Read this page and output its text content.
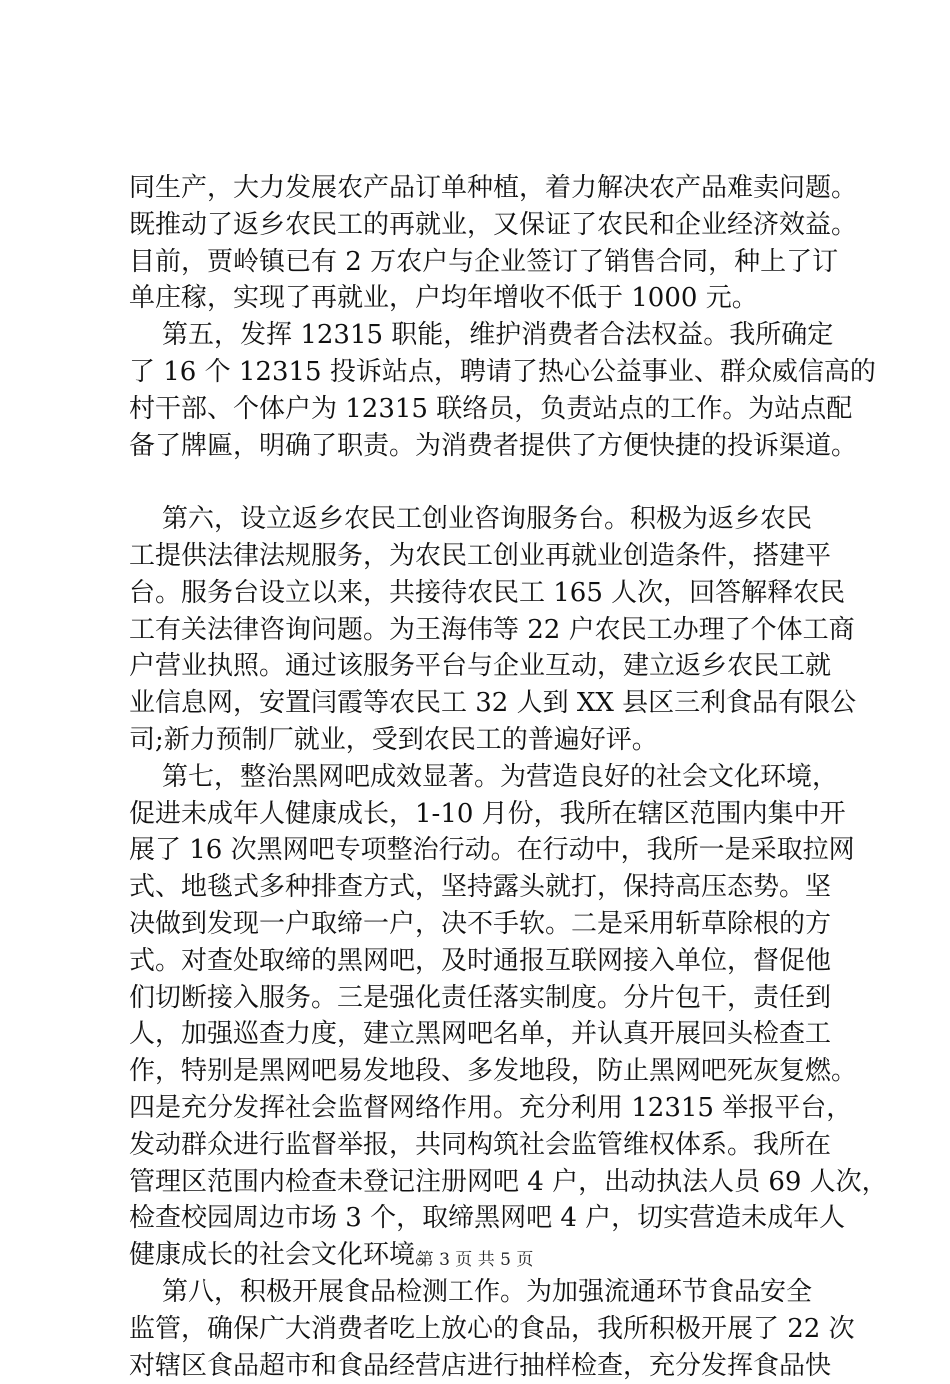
同生产，大力发展农产品订单种植，着力解决农产品难卖问题。
既推动了返乡农民工的再就业，又保证了农民和企业经济效益。
目前，贾岭镇已有 2 万农户与企业签订了销售合同，种上了订
单庄稼，实现了再就业，户均年增收不低于 1000 元。

第五，发挥 12315 职能，维护消费者合法权益。我所确定
了 16 个 12315 投诉站点，聘请了热心公益事业、群众威信高的
村干部、个体户为 12315 联络员，负责站点的工作。为站点配
备了牌匾，明确了职责。为消费者提供了方便快捷的投诉渠道。

第六，设立返乡农民工创业咨询服务台。积极为返乡农民
工提供法律法规服务，为农民工创业再就业创造条件，搭建平
台。服务台设立以来，共接待农民工 165 人次，回答解释农民
工有关法律咨询问题。为王海伟等 22 户农民工办理了个体工商
户营业执照。通过该服务平台与企业互动，建立返乡农民工就
业信息网，安置闫霞等农民工 32 人到 XX 县区三利食品有限公
司;新力预制厂就业，受到农民工的普遍好评。

第七，整治黑网吧成效显著。为营造良好的社会文化环境，
促进未成年人健康成长，1-10 月份，我所在辖区范围内集中开
展了 16 次黑网吧专项整治行动。在行动中，我所一是采取拉网
式、地毯式多种排查方式，坚持露头就打，保持高压态势。坚
决做到发现一户取缔一户，决不手软。二是采用斩草除根的方
式。对查处取缔的黑网吧，及时通报互联网接入单位，督促他
们切断接入服务。三是强化责任落实制度。分片包干，责任到
人，加强巡查力度，建立黑网吧名单，并认真开展回头检查工
作，特别是黑网吧易发地段、多发地段，防止黑网吧死灰复燃。
四是充分发挥社会监督网络作用。充分利用 12315 举报平台，
发动群众进行监督举报，共同构筑社会监管维权体系。我所在
管理区范围内检查未登记注册网吧 4 户，出动执法人员 69 人次，
检查校园周边市场 3 个，取缔黑网吧 4 户，切实营造未成年人
健康成长的社会文化环境。

第八，积极开展食品检测工作。为加强流通环节食品安全
监管，确保广大消费者吃上放心的食品，我所积极开展了 22 次
对辖区食品超市和食品经营店进行抽样检查，充分发挥食品快

第 3 页 共 5 页
